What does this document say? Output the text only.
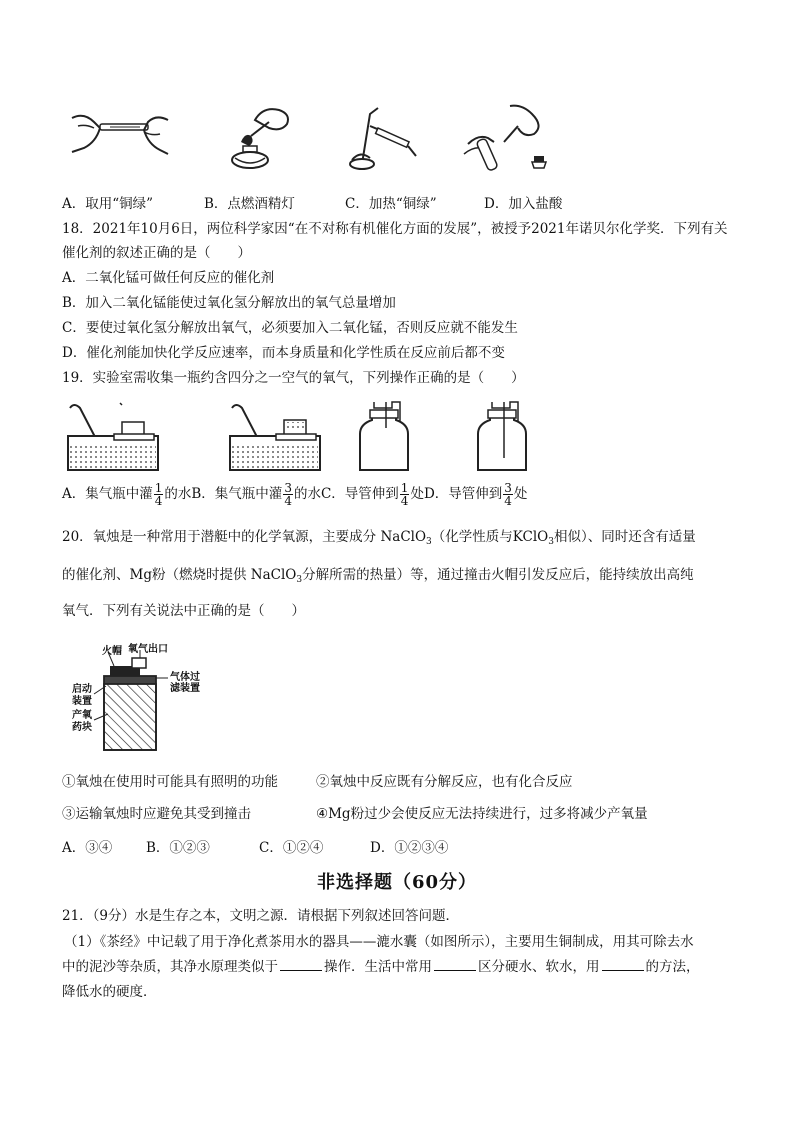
A．取用“铜绿”	B．点燃酒精灯	C．加热“铜绿”	D．加入盐酸
18．2021年10月6日，两位科学家因“在不对称有机催化方面的发展”，被授予2021年诺贝尔化学奖．下列有关
催化剂的叙述正确的是（　　）
A．二氧化锰可做任何反应的催化剂
B．加入二氧化锰能使过氧化氢分解放出的氧气总量增加
C．要使过氧化氢分解放出氧气，必须要加入二氧化锰，否则反应就不能发生
D．催化剂能加快化学反应速率，而本身质量和化学性质在反应前后都不变
19．实验室需收集一瓶约含四分之一空气的氧气，下列操作正确的是（　　）
A．集气瓶中灌 $\frac{1}{4}$ 的水B．集气瓶中灌 $\frac{3}{4}$ 的水C．导管伸到 $\frac{1}{4}$ 处D．导管伸到 $\frac{3}{4}$ 处
20．氧烛是一种常用于潜艇中的化学氧源，主要成分 NaClO$_3$（化学性质与KClO$_3$相似）、同时还含有适量
的催化剂、Mg粉（燃烧时提供 NaClO$_3$分解所需的热量）等，通过撞击火帽引发反应后，能持续放出高纯
氧气．下列有关说法中正确的是（　　）
火帽 氧气出口
气体过
滤装置
启动
装置
产氧
药块
①氧烛在使用时可能具有照明的功能	②氧烛中反应既有分解反应，也有化合反应
③运输氧烛时应避免其受到撞击	④Mg粉过少会使反应无法持续进行，过多将减少产氧量
A．③④	B．①②③	C．①②④	D．①②③④
非选择题（60分）
21．（9分）水是生存之本，文明之源．请根据下列叙述回答问题．
（1）《茶经》中记载了用于净化煮茶用水的器具——漉水囊（如图所示），主要用生铜制成，用其可除去水
中的泥沙等杂质，其净水原理类似于	操作．生活中常用	区分硬水、软水，用	的方法，
降低水的硬度．
